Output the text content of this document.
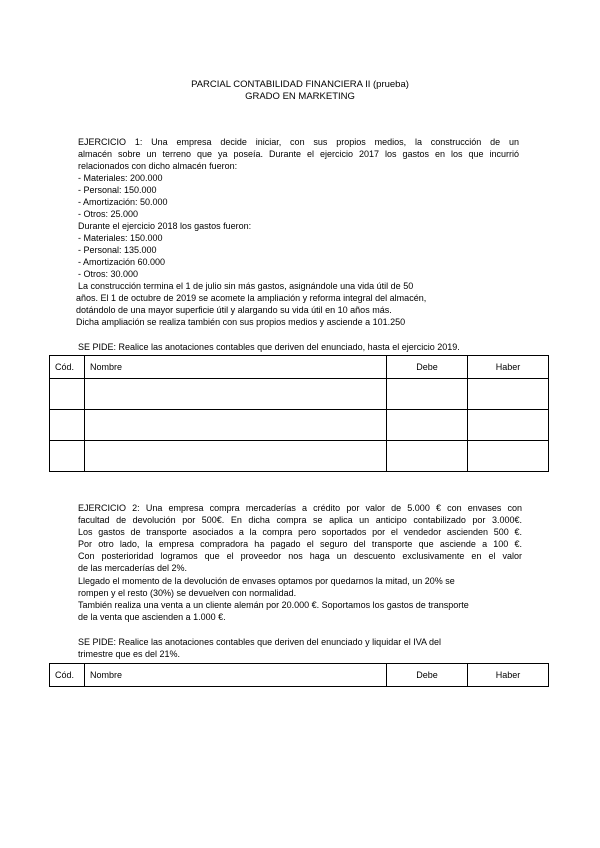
PARCIAL CONTABILIDAD FINANCIERA II (prueba)
GRADO EN MARKETING
EJERCICIO 1: Una empresa decide iniciar, con sus propios medios, la construcción de un
almacén sobre un terreno que ya poseía. Durante el ejercicio 2017 los gastos en los que incurrió
relacionados con dicho almacén fueron:
- Materiales: 200.000
- Personal: 150.000
- Amortización: 50.000
- Otros: 25.000
Durante el ejercicio 2018 los gastos fueron:
- Materiales: 150.000
- Personal: 135.000
- Amortización 60.000
- Otros: 30.000
La construcción termina el 1 de julio sin más gastos, asignándole una vida útil de 50
años. El 1 de octubre de 2019 se acomete la ampliación y reforma integral del almacén,
dotándolo de una mayor superficie útil y alargando su vida útil en 10 años más.
Dicha ampliación se realiza también con sus propios medios y asciende a 101.250
SE PIDE: Realice las anotaciones contables que deriven del enunciado, hasta el ejercicio 2019.
Cód.	Nombre	Debe	Haber

EJERCICIO 2: Una empresa compra mercaderías a crédito por valor de 5.000 € con envases con
facultad de devolución por 500€. En dicha compra se aplica un anticipo contabilizado por 3.000€.
Los gastos de transporte asociados a la compra pero soportados por el vendedor ascienden 500 €.
Por otro lado, la empresa compradora ha pagado el seguro del transporte que asciende a 100 €.
Con posterioridad logramos que el proveedor nos haga un descuento exclusivamente en el valor
de las mercaderías del 2%.
Llegado el momento de la devolución de envases optamos por quedarnos la mitad, un 20% se
rompen y el resto (30%) se devuelven con normalidad.
También realiza una venta a un cliente alemán por 20.000 €. Soportamos los gastos de transporte
de la venta que ascienden a 1.000 €.
SE PIDE: Realice las anotaciones contables que deriven del enunciado y liquidar el IVA del
trimestre que es del 21%.
Cód.	Nombre	Debe	Haber
